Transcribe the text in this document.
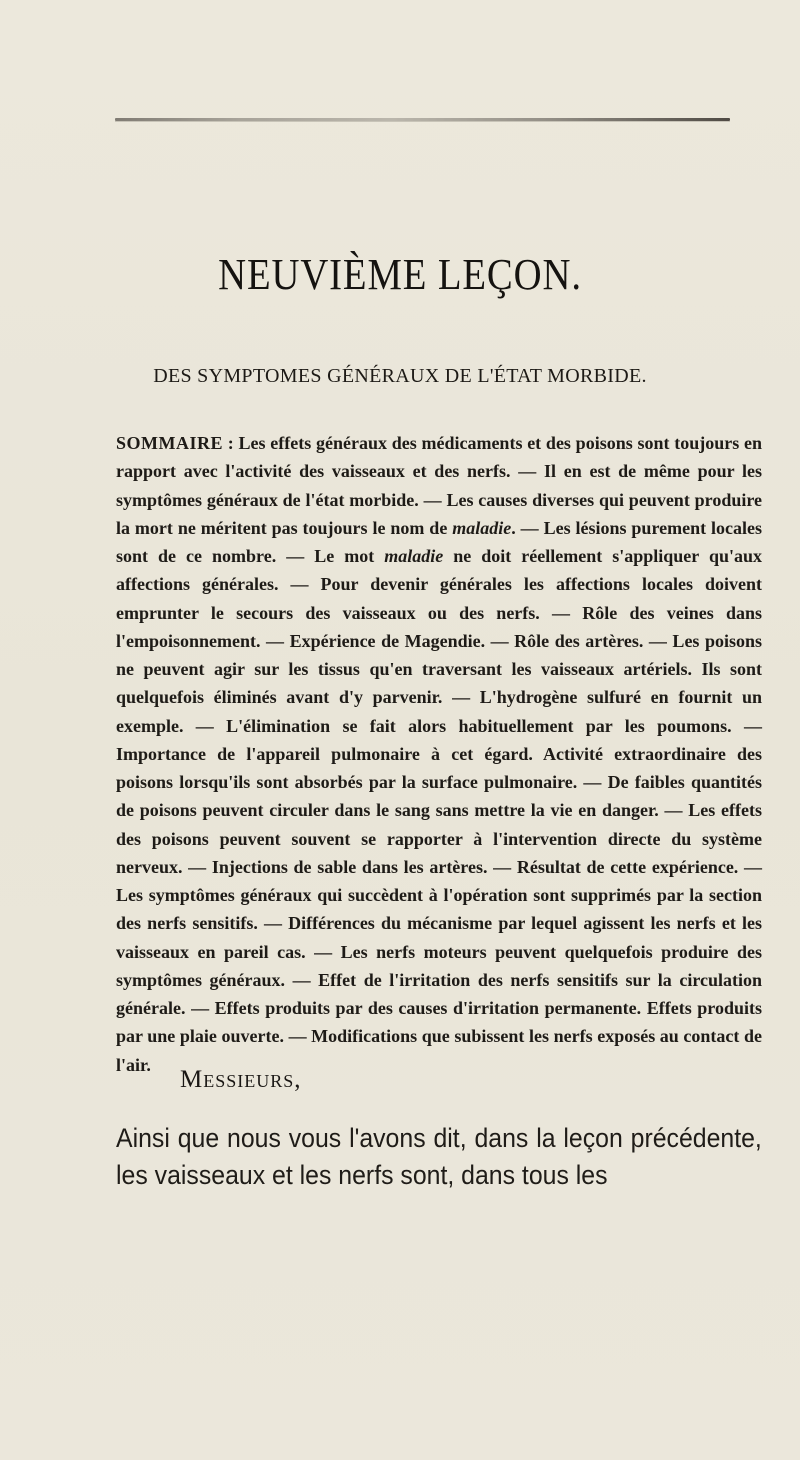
NEUVIÈME LEÇON.
DES SYMPTOMES GÉNÉRAUX DE L'ÉTAT MORBIDE.
SOMMAIRE : Les effets généraux des médicaments et des poisons sont toujours en rapport avec l'activité des vaisseaux et des nerfs. — Il en est de même pour les symptômes généraux de l'état morbide. — Les causes diverses qui peuvent produire la mort ne méritent pas toujours le nom de maladie. — Les lésions purement locales sont de ce nombre. — Le mot maladie ne doit réellement s'appliquer qu'aux affections générales. — Pour devenir générales les affections locales doivent emprunter le secours des vaisseaux ou des nerfs. — Rôle des veines dans l'empoisonnement. — Expérience de Magendie. — Rôle des artères. — Les poisons ne peuvent agir sur les tissus qu'en traversant les vaisseaux artériels. Ils sont quelquefois éliminés avant d'y parvenir. — L'hydrogène sulfuré en fournit un exemple. — L'élimination se fait alors habituellement par les poumons. — Importance de l'appareil pulmonaire à cet égard. Activité extraordinaire des poisons lorsqu'ils sont absorbés par la surface pulmonaire. — De faibles quantités de poisons peuvent circuler dans le sang sans mettre la vie en danger. — Les effets des poisons peuvent souvent se rapporter à l'intervention directe du système nerveux. — Injections de sable dans les artères. — Résultat de cette expérience. — Les symptômes généraux qui succèdent à l'opération sont supprimés par la section des nerfs sensitifs. — Différences du mécanisme par lequel agissent les nerfs et les vaisseaux en pareil cas. — Les nerfs moteurs peuvent quelquefois produire des symptômes généraux. — Effet de l'irritation des nerfs sensitifs sur la circulation générale. — Effets produits par des causes d'irritation permanente. Effets produits par une plaie ouverte. — Modifications que subissent les nerfs exposés au contact de l'air.
Messieurs,
Ainsi que nous vous l'avons dit, dans la leçon précédente, les vaisseaux et les nerfs sont, dans tous les
